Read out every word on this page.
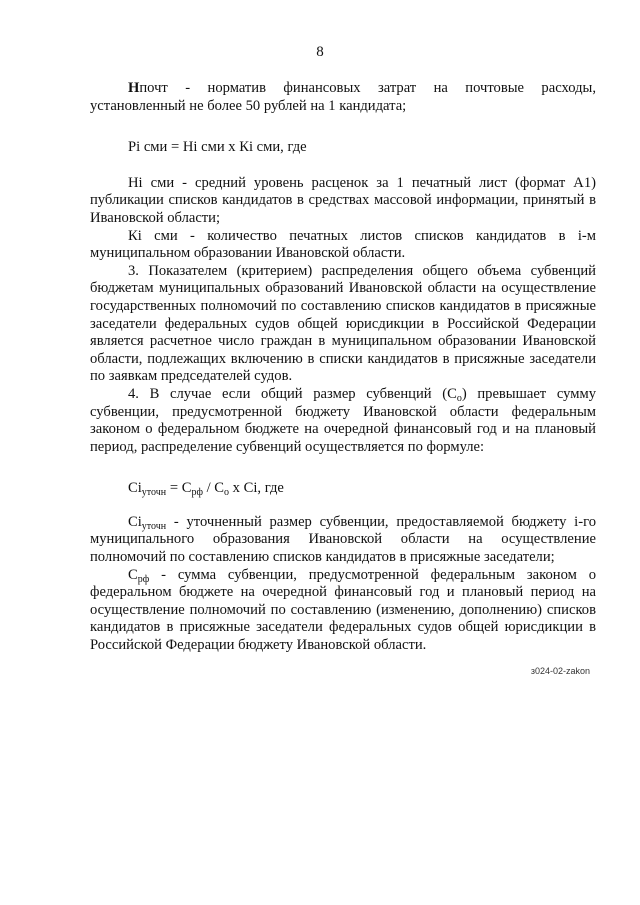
8

Нпочт - норматив финансовых затрат на почтовые расходы, установленный не более 50 рублей на 1 кандидата;

Рi сми = Нi сми х Кi сми, где

Нi сми - средний уровень расценок за 1 печатный лист (формат А1) публикации списков кандидатов в средствах массовой информации, принятый в Ивановской области;

Кi сми - количество печатных листов списков кандидатов в i-м муниципальном образовании Ивановской области.

3. Показателем (критерием) распределения общего объема субвенций бюджетам муниципальных образований Ивановской области на осуществление государственных полномочий по составлению списков кандидатов в присяжные заседатели федеральных судов общей юрисдикции в Российской Федерации является расчетное число граждан в муниципальном образовании Ивановской области, подлежащих включению в списки кандидатов в присяжные заседатели по заявкам председателей судов.

4. В случае если общий размер субвенций $(С_о)$ превышает сумму субвенции, предусмотренной бюджету Ивановской области федеральным законом о федеральном бюджете на очередной финансовый год и на плановый период, распределение субвенций осуществляется по формуле:

$Сi_{уточн} = С_{рф} / С_о$ х Сi, где

$Сi_{уточн}$ - уточненный размер субвенции, предоставляемой бюджету i-го муниципального образования Ивановской области на осуществление полномочий по составлению списков кандидатов в присяжные заседатели;

$С_{рф}$ - сумма субвенции, предусмотренной федеральным законом о федеральном бюджете на очередной финансовый год и плановый период на осуществление полномочий по составлению (изменению, дополнению) списков кандидатов в присяжные заседатели федеральных судов общей юрисдикции в Российской Федерации бюджету Ивановской области.

з024-02-zakon
